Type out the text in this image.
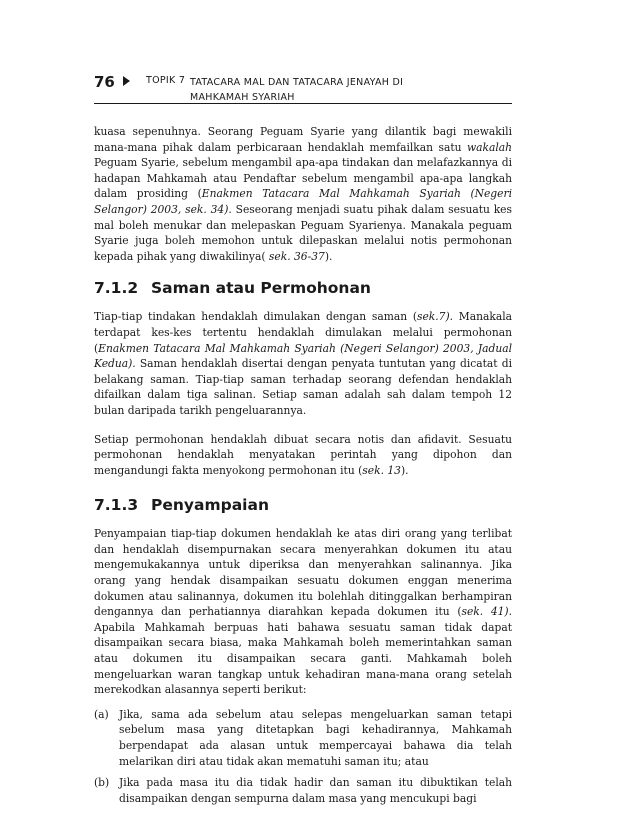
76	TOPIK 7 TATACARA MAL DAN TATACARA JENAYAH DI
MAHKAMAH SYARIAH

kuasa sepenuhnya. Seorang Peguam Syarie yang dilantik bagi mewakili mana-mana pihak dalam perbicaraan hendaklah memfailkan satu wakalah Peguam Syarie, sebelum mengambil apa-apa tindakan dan melafazkannya di hadapan Mahkamah atau Pendaftar sebelum mengambil apa-apa langkah dalam prosiding (Enakmen Tatacara Mal Mahkamah Syariah (Negeri Selangor) 2003, sek. 34). Seseorang menjadi suatu pihak dalam sesuatu kes mal boleh menukar dan melepaskan Peguam Syarienya. Manakala peguam Syarie juga boleh memohon untuk dilepaskan melalui notis permohonan kepada pihak yang diwakilinya( sek. 36-37).

7.1.2 Saman atau Permohonan

Tiap-tiap tindakan hendaklah dimulakan dengan saman (sek.7). Manakala terdapat kes-kes tertentu hendaklah dimulakan melalui permohonan (Enakmen Tatacara Mal Mahkamah Syariah (Negeri Selangor) 2003, Jadual Kedua). Saman hendaklah disertai dengan penyata tuntutan yang dicatat di belakang saman. Tiap-tiap saman terhadap seorang defendan hendaklah difailkan dalam tiga salinan. Setiap saman adalah sah dalam tempoh 12 bulan daripada tarikh pengeluarannya.

Setiap permohonan hendaklah dibuat secara notis dan afidavit. Sesuatu permohonan hendaklah menyatakan perintah yang dipohon dan mengandungi fakta menyokong permohonan itu (sek. 13).

7.1.3 Penyampaian

Penyampaian tiap-tiap dokumen hendaklah ke atas diri orang yang terlibat dan hendaklah disempurnakan secara menyerahkan dokumen itu atau mengemukakannya untuk diperiksa dan menyerahkan salinannya. Jika orang yang hendak disampaikan sesuatu dokumen enggan menerima dokumen atau salinannya, dokumen itu bolehlah ditinggalkan berhampiran dengannya dan perhatiannya diarahkan kepada dokumen itu (sek. 41). Apabila Mahkamah berpuas hati bahawa sesuatu saman tidak dapat disampaikan secara biasa, maka Mahkamah boleh memerintahkan saman atau dokumen itu disampaikan secara ganti. Mahkamah boleh mengeluarkan waran tangkap untuk kehadiran mana-mana orang setelah merekodkan alasannya seperti berikut:

(a) Jika, sama ada sebelum atau selepas mengeluarkan saman tetapi sebelum masa yang ditetapkan bagi kehadirannya, Mahkamah berpendapat ada alasan untuk mempercayai bahawa dia telah melarikan diri atau tidak akan mematuhi saman itu; atau
(b) Jika pada masa itu dia tidak hadir dan saman itu dibuktikan telah disampaikan dengan sempurna dalam masa yang mencukupi bagi
